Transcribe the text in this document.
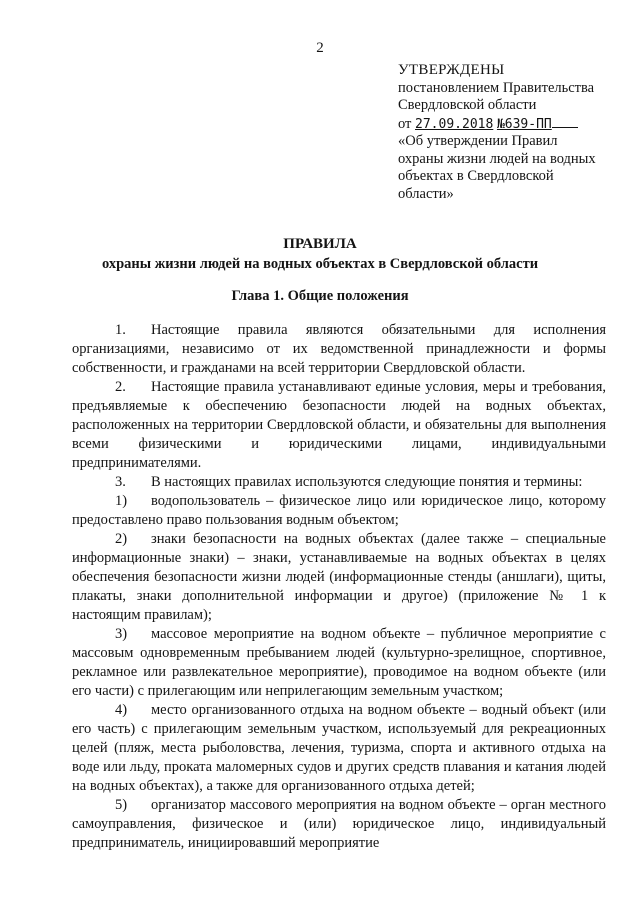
2
УТВЕРЖДЕНЫ
постановлением Правительства
Свердловской области
от 27.09.2018 №639-ПП
«Об утверждении Правил
охраны жизни людей на водных
объектах в Свердловской
области»
ПРАВИЛА
охраны жизни людей на водных объектах в Свердловской области
Глава 1. Общие положения

1. Настоящие правила являются обязательными для исполнения организациями, независимо от их ведомственной принадлежности и формы собственности, и гражданами на всей территории Свердловской области.

2. Настоящие правила устанавливают единые условия, меры и требования, предъявляемые к обеспечению безопасности людей на водных объектах, расположенных на территории Свердловской области, и обязательны для выполнения всеми физическими и юридическими лицами, индивидуальными предпринимателями.

3. В настоящих правилах используются следующие понятия и термины:

1) водопользователь – физическое лицо или юридическое лицо, которому предоставлено право пользования водным объектом;

2) знаки безопасности на водных объектах (далее также – специальные информационные знаки) – знаки, устанавливаемые на водных объектах в целях обеспечения безопасности жизни людей (информационные стенды (аншлаги), щиты, плакаты, знаки дополнительной информации и другое) (приложение № 1 к настоящим правилам);

3) массовое мероприятие на водном объекте – публичное мероприятие с массовым одновременным пребыванием людей (культурно-зрелищное, спортивное, рекламное или развлекательное мероприятие), проводимое на водном объекте (или его части) с прилегающим или неприлегающим земельным участком;

4) место организованного отдыха на водном объекте – водный объект (или его часть) с прилегающим земельным участком, используемый для рекреационных целей (пляж, места рыболовства, лечения, туризма, спорта и активного отдыха на воде или льду, проката маломерных судов и других средств плавания и катания людей на водных объектах), а также для организованного отдыха детей;

5) организатор массового мероприятия на водном объекте – орган местного самоуправления, физическое и (или) юридическое лицо, индивидуальный предприниматель, инициировавший мероприятие
